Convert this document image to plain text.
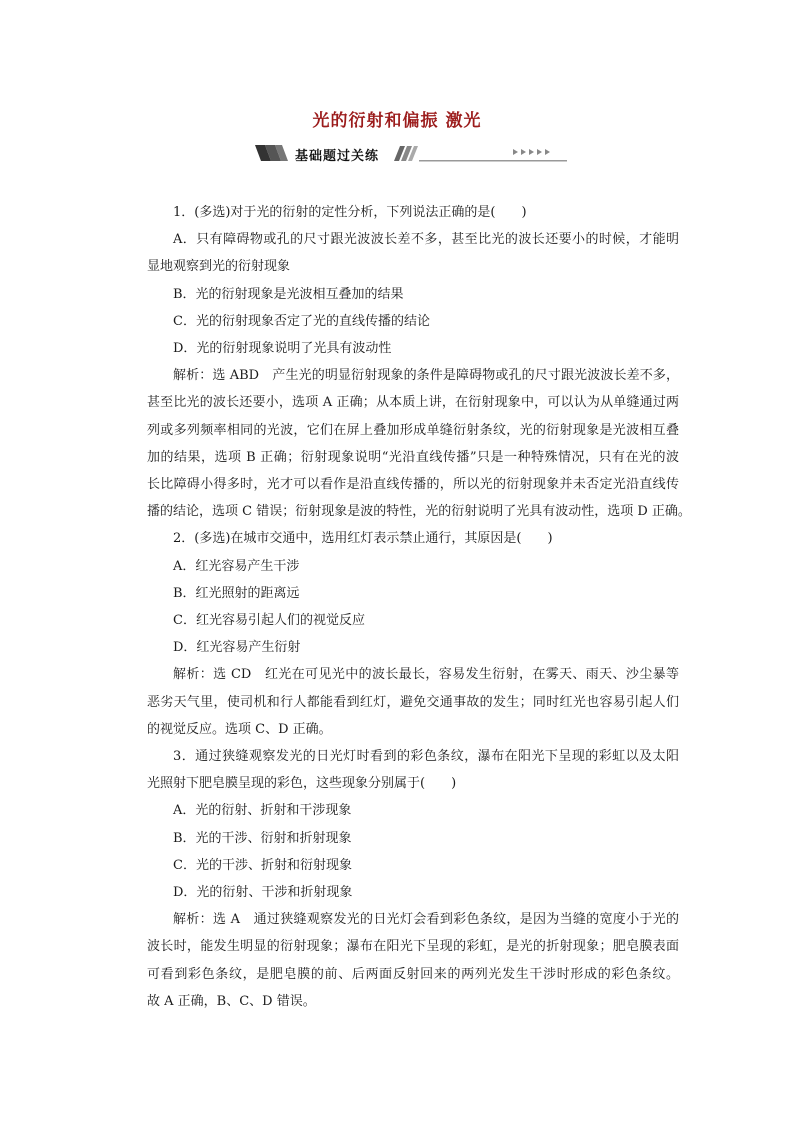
光的衍射和偏振 激光
基础题过关练
1．(多选)对于光的衍射的定性分析，下列说法正确的是(　　)
A．只有障碍物或孔的尺寸跟光波波长差不多，甚至比光的波长还要小的时候，才能明
显地观察到光的衍射现象
B．光的衍射现象是光波相互叠加的结果
C．光的衍射现象否定了光的直线传播的结论
D．光的衍射现象说明了光具有波动性
解析：选 ABD　产生光的明显衍射现象的条件是障碍物或孔的尺寸跟光波波长差不多，
甚至比光的波长还要小，选项 A 正确；从本质上讲，在衍射现象中，可以认为从单缝通过两
列或多列频率相同的光波，它们在屏上叠加形成单缝衍射条纹，光的衍射现象是光波相互叠
加的结果，选项 B 正确；衍射现象说明“光沿直线传播”只是一种特殊情况，只有在光的波
长比障碍小得多时，光才可以看作是沿直线传播的，所以光的衍射现象并未否定光沿直线传
播的结论，选项 C 错误；衍射现象是波的特性，光的衍射说明了光具有波动性，选项 D 正确。
2．(多选)在城市交通中，选用红灯表示禁止通行，其原因是(　　)
A．红光容易产生干涉
B．红光照射的距离远
C．红光容易引起人们的视觉反应
D．红光容易产生衍射
解析：选 CD　红光在可见光中的波长最长，容易发生衍射，在雾天、雨天、沙尘暴等
恶劣天气里，使司机和行人都能看到红灯，避免交通事故的发生；同时红光也容易引起人们
的视觉反应。选项 C、D 正确。
3．通过狭缝观察发光的日光灯时看到的彩色条纹，瀑布在阳光下呈现的彩虹以及太阳
光照射下肥皂膜呈现的彩色，这些现象分别属于(　　)
A．光的衍射、折射和干涉现象
B．光的干涉、衍射和折射现象
C．光的干涉、折射和衍射现象
D．光的衍射、干涉和折射现象
解析：选 A　通过狭缝观察发光的日光灯会看到彩色条纹，是因为当缝的宽度小于光的
波长时，能发生明显的衍射现象；瀑布在阳光下呈现的彩虹，是光的折射现象；肥皂膜表面
可看到彩色条纹，是肥皂膜的前、后两面反射回来的两列光发生干涉时形成的彩色条纹。
故 A 正确，B、C、D 错误。
